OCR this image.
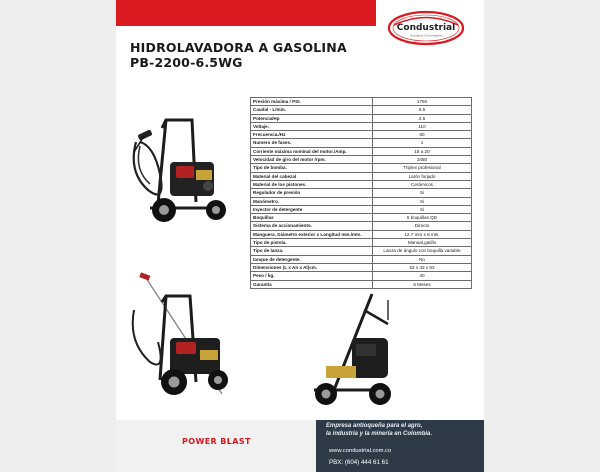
Condustrial
Industria Colombiana
HIDROLAVADORA A GASOLINA
PB-2200-6.5WG
Presión máxima / PSI.	1750
Caudal - L/min.	6.5
Potencia/Hp	2.5
Voltaje.	110
Frecuencia./Hz	60
Numero de fases.	1
Corriente máxima nominal del motor./Amp.	18 a 20
Velocidad de giro del motor /rpm.	3450
Tipo de bomba.	Triplex profesional
Material del cabezal	Latón forjado
Material de los pistones.	Cerámicos
Regulador de presión	Si
Manómetro.	Si
Inyector de detergente	Si
Boquillas	5 boquillas QD
Sistema de accionamiento.	Directo
Manguera. Diámetro exterior x Longitud mm./mts.	12.7 mm x 8 mts.
Tipo de pistola.	Manual,gatillo
Tipo de lanza.	Lanza de ángulo con boquilla variable
tanque de detergente.	No
Dimensiones (L x An x Al)cm.	53 x 43 x 83
Peso / kg.	40
Garantía	6 Meses
POWER BLAST
Empresa antioqueña para el agro,
la industria y la minería en Colombia.
www.condustrial.com.co
PBX: (604) 444 61 61
